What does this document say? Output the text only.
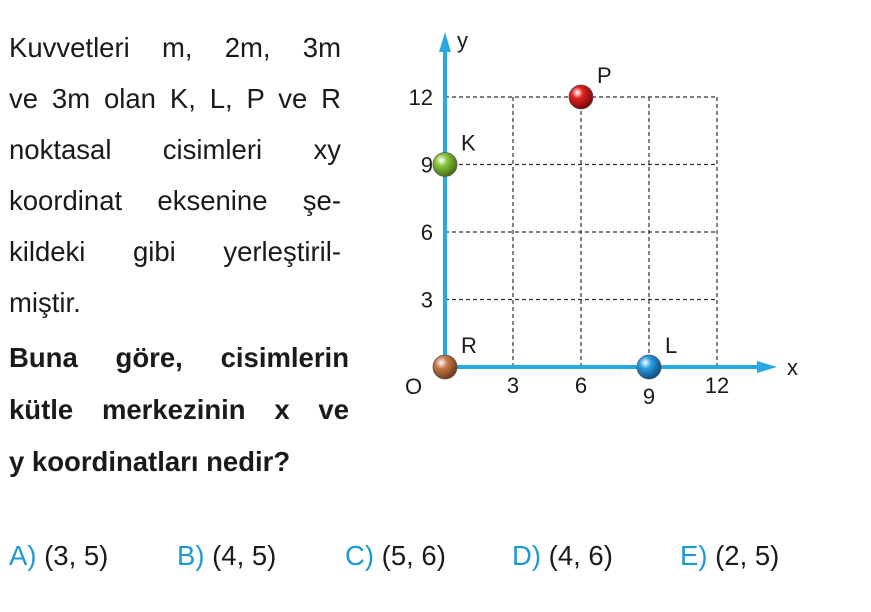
Kuvvetleri m, 2m, 3m
ve 3m olan K, L, P ve R
noktasal cisimleri xy
koordinat eksenine şe-
kildeki gibi yerleştiril-
miştir.
Buna göre, cisimlerin
kütle merkezinin x ve
y koordinatları nedir?
x
y
O	3	6	9 12
3
6
9
12
K
L
P
R
A) (3, 5) B) (4, 5) C) (5, 6) D) (4, 6) E) (2, 5)
